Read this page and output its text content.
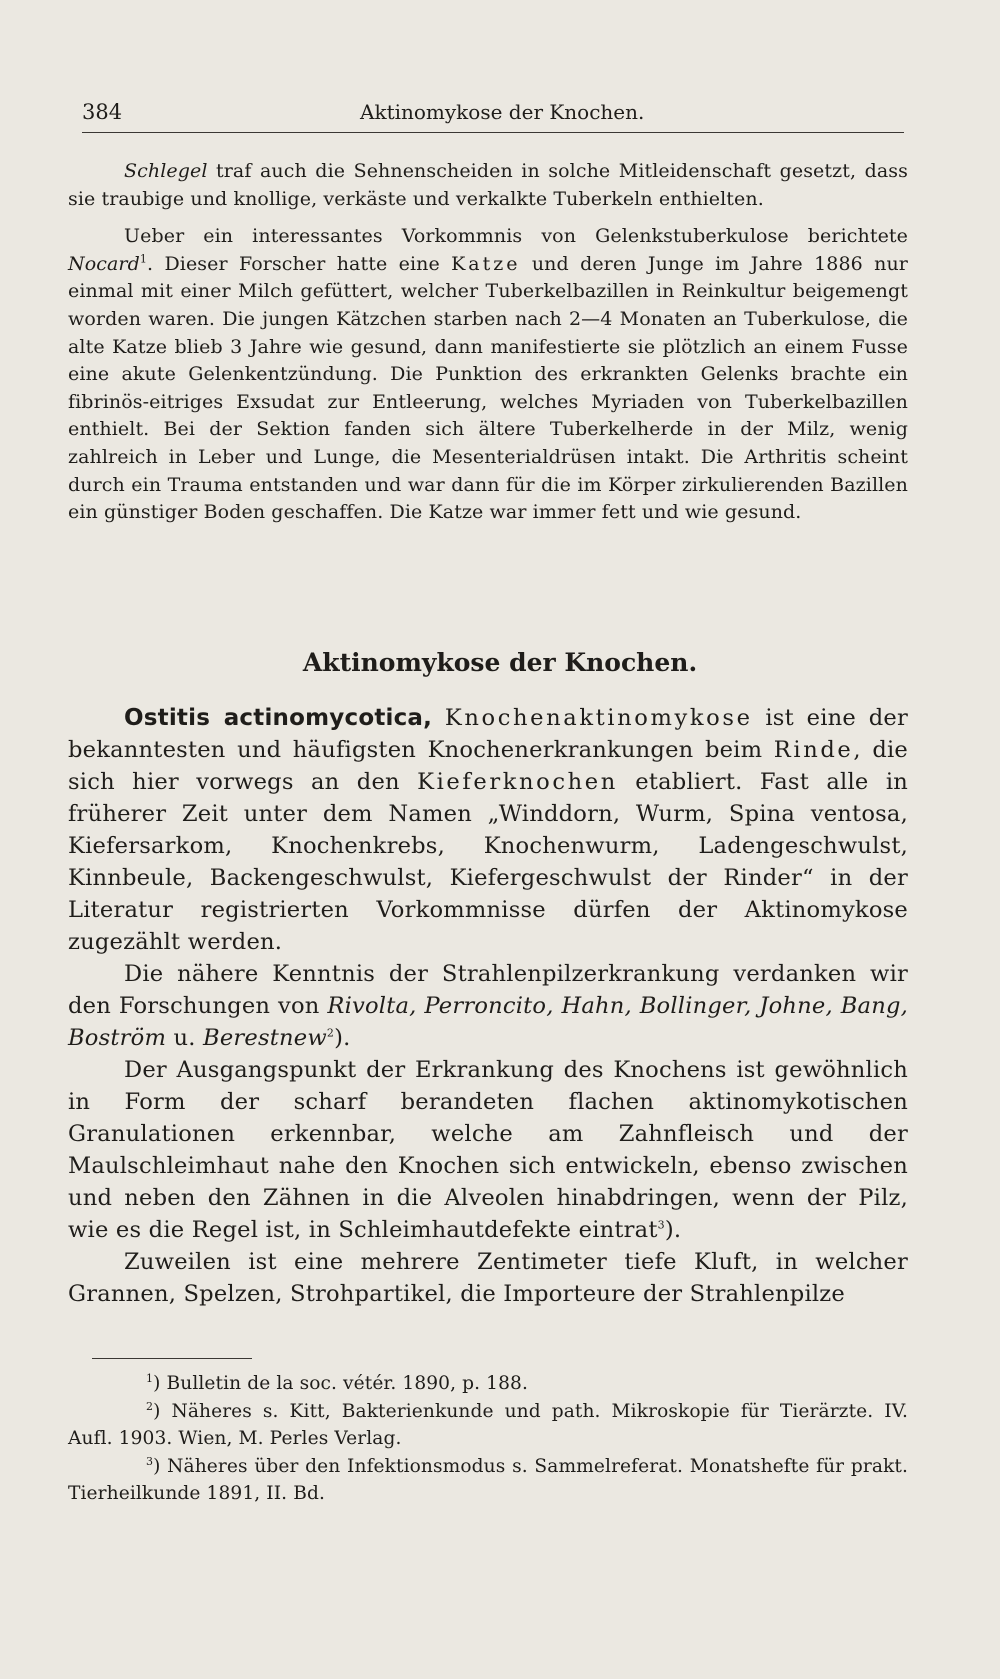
384	Aktinomykose der Knochen.

Schlegel traf auch die Sehnenscheiden in solche Mitleidenschaft gesetzt, dass sie traubige und knollige, verkäste und verkalkte Tuberkeln enthielten.

Ueber ein interessantes Vorkommnis von Gelenkstuberkulose berichtete Nocard$^1$. Dieser Forscher hatte eine Katze und deren Junge im Jahre 1886 nur einmal mit einer Milch gefüttert, welcher Tuberkelbazillen in Reinkultur beigemengt worden waren. Die jungen Kätzchen starben nach 2—4 Monaten an Tuberkulose, die alte Katze blieb 3 Jahre wie gesund, dann manifestierte sie plötzlich an einem Fusse eine akute Gelenkentzündung. Die Punktion des erkrankten Gelenks brachte ein fibrinös-eitriges Exsudat zur Entleerung, welches Myriaden von Tuberkelbazillen enthielt. Bei der Sektion fanden sich ältere Tuberkelherde in der Milz, wenig zahlreich in Leber und Lunge, die Mesenterialdrüsen intakt. Die Arthritis scheint durch ein Trauma entstanden und war dann für die im Körper zirkulierenden Bazillen ein günstiger Boden geschaffen. Die Katze war immer fett und wie gesund.

Aktinomykose der Knochen.

Ostitis actinomycotica, Knochenaktinomykose ist eine der bekanntesten und häufigsten Knochenerkrankungen beim Rinde, die sich hier vorwegs an den Kieferknochen etabliert. Fast alle in früherer Zeit unter dem Namen „Winddorn, Wurm, Spina ventosa, Kiefersarkom, Knochenkrebs, Knochenwurm, Ladengeschwulst, Kinnbeule, Backengeschwulst, Kiefergeschwulst der Rinder“ in der Literatur registrierten Vorkommnisse dürfen der Aktinomykose zugezählt werden.

Die nähere Kenntnis der Strahlenpilzerkrankung verdanken wir den Forschungen von Rivolta, Perroncito, Hahn, Bollinger, Johne, Bang, Boström u. Berestnew$^2$).

Der Ausgangspunkt der Erkrankung des Knochens ist gewöhnlich in Form der scharf berandeten flachen aktinomykotischen Granulationen erkennbar, welche am Zahnfleisch und der Maulschleimhaut nahe den Knochen sich entwickeln, ebenso zwischen und neben den Zähnen in die Alveolen hinabdringen, wenn der Pilz, wie es die Regel ist, in Schleimhautdefekte eintrat$^3$).

Zuweilen ist eine mehrere Zentimeter tiefe Kluft, in welcher Grannen, Spelzen, Strohpartikel, die Importeure der Strahlenpilze

$^1$) Bulletin de la soc. vétér. 1890, p. 188.

$^2$) Näheres s. Kitt, Bakterienkunde und path. Mikroskopie für Tierärzte. IV. Aufl. 1903. Wien, M. Perles Verlag.

$^3$) Näheres über den Infektionsmodus s. Sammelreferat. Monatshefte für prakt. Tierheilkunde 1891, II. Bd.
